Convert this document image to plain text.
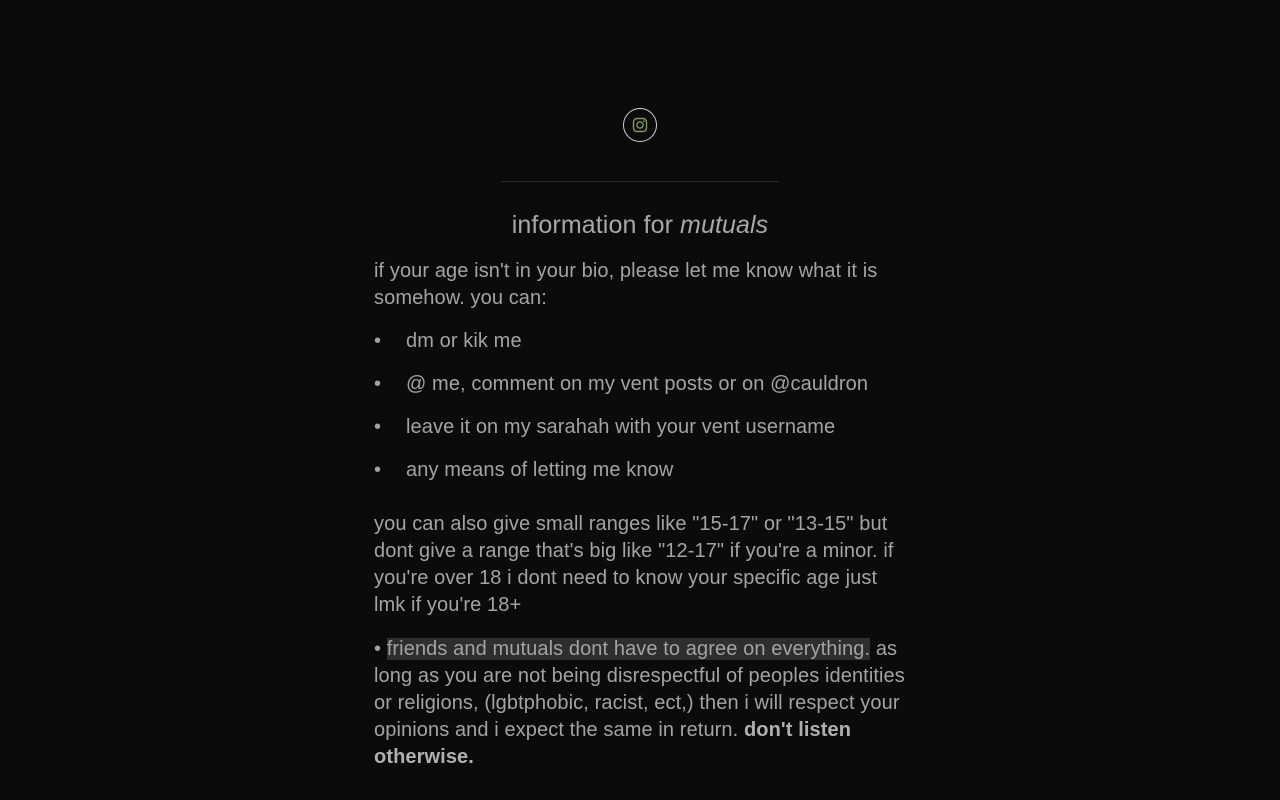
information for mutuals

if your age isn't in your bio, please let me know what it is somehow. you can:

• dm or kik me
• @ me, comment on my vent posts or on @cauldron
• leave it on my sarahah with your vent username
• any means of letting me know

you can also give small ranges like "15-17" or "13-15" but dont give a range that's big like "12-17" if you're a minor. if you're over 18 i dont need to know your specific age just lmk if you're 18+

• friends and mutuals dont have to agree on everything. as long as you are not being disrespectful of peoples identities or religions, (lgbtphobic, racist, ect,) then i will respect your opinions and i expect the same in return. don't listen otherwise.
